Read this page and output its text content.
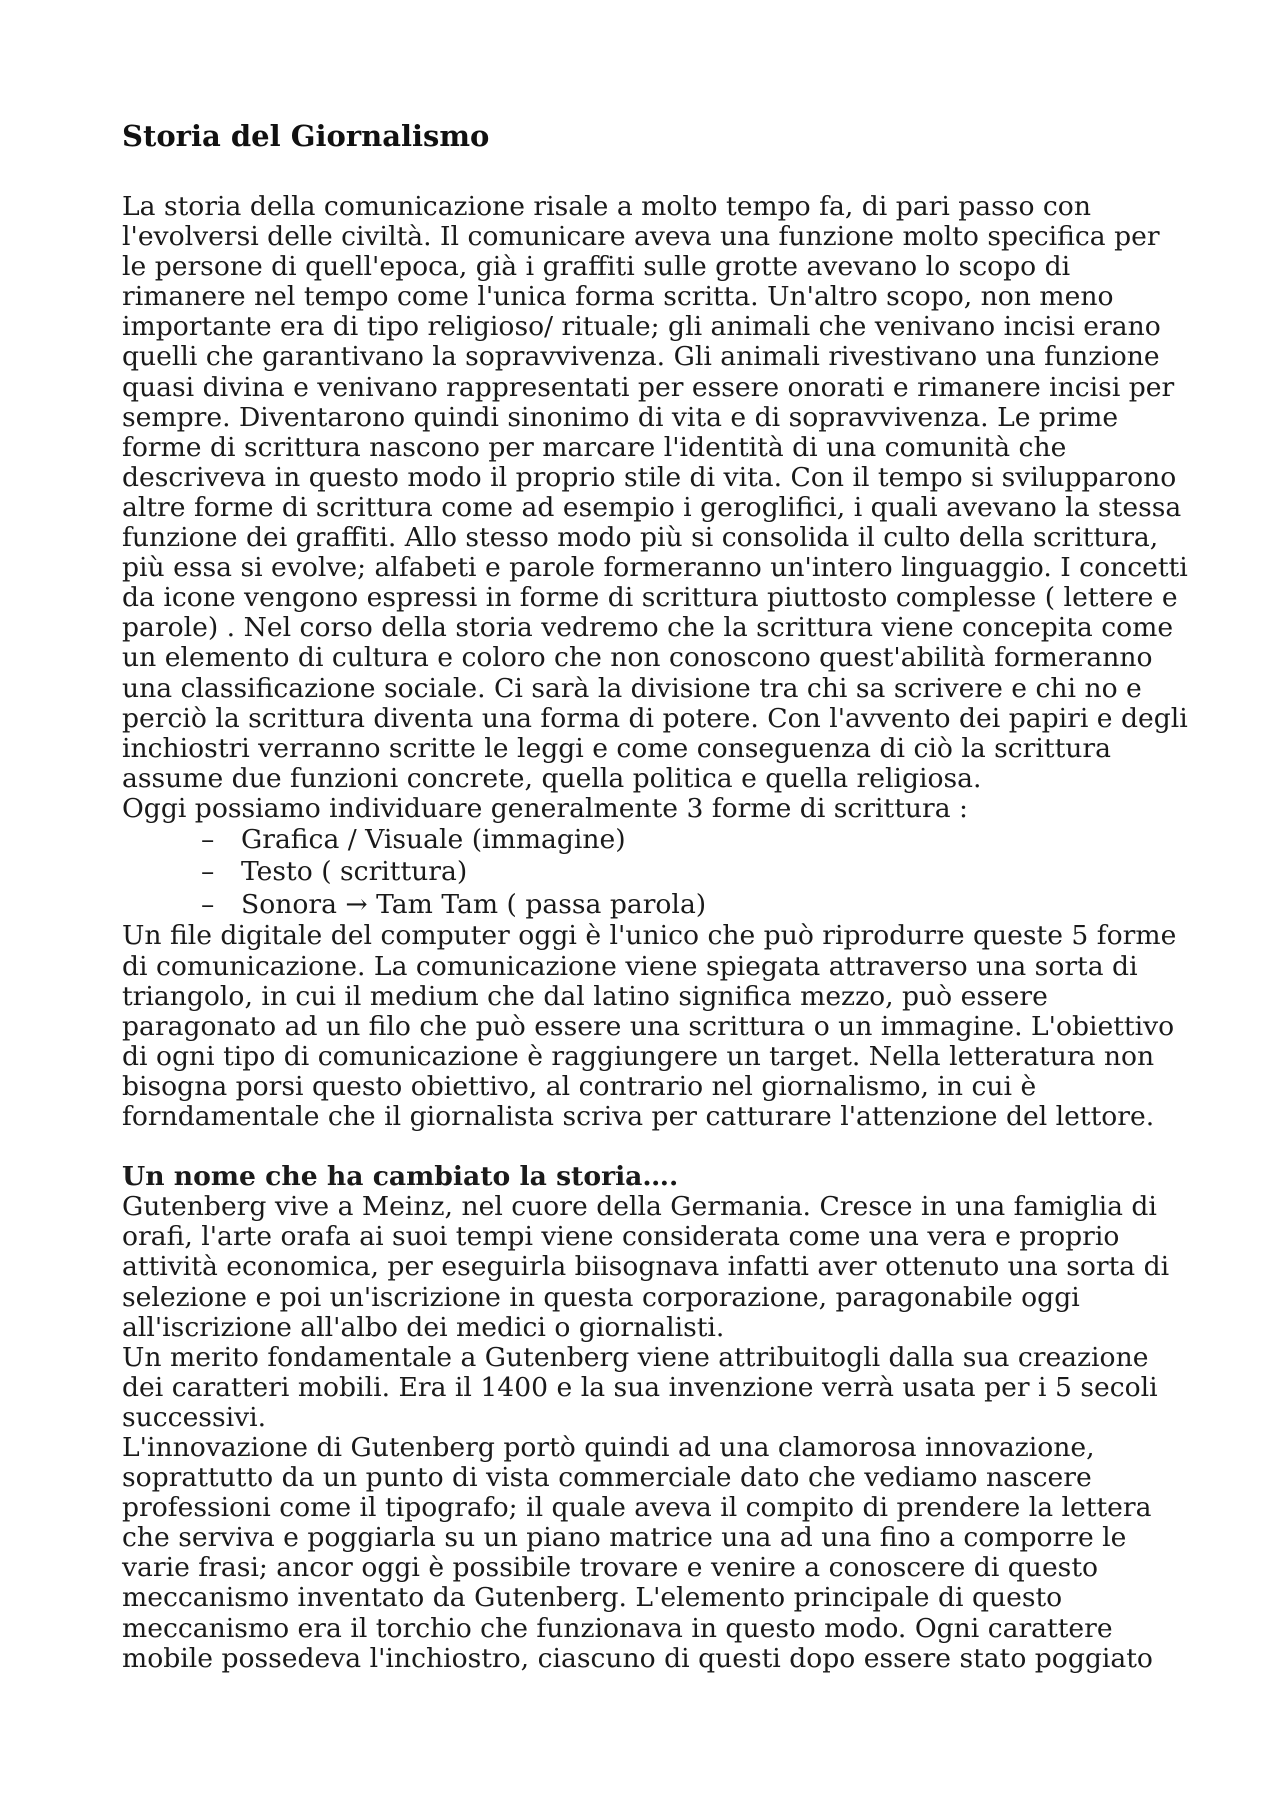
Storia del Giornalismo

La storia della comunicazione risale a molto tempo fa, di pari passo con
l'evolversi delle civiltà. Il comunicare aveva una funzione molto specifica per
le persone di quell'epoca, già i graffiti sulle grotte avevano lo scopo di
rimanere nel tempo come l'unica forma scritta. Un'altro scopo, non meno
importante era di tipo religioso/ rituale; gli animali che venivano incisi erano
quelli che garantivano la sopravvivenza. Gli animali rivestivano una funzione
quasi divina e venivano rappresentati per essere onorati e rimanere incisi per
sempre. Diventarono quindi sinonimo di vita e di sopravvivenza. Le prime
forme di scrittura nascono per marcare l'identità di una comunità che
descriveva in questo modo il proprio stile di vita. Con il tempo si svilupparono
altre forme di scrittura come ad esempio i geroglifici, i quali avevano la stessa
funzione dei graffiti. Allo stesso modo più si consolida il culto della scrittura,
più essa si evolve; alfabeti e parole formeranno un'intero linguaggio. I concetti
da icone vengono espressi in forme di scrittura piuttosto complesse ( lettere e
parole) . Nel corso della storia vedremo che la scrittura viene concepita come
un elemento di cultura e coloro che non conoscono quest'abilità formeranno
una classificazione sociale. Ci sarà la divisione tra chi sa scrivere e chi no e
perciò la scrittura diventa una forma di potere. Con l'avvento dei papiri e degli
inchiostri verranno scritte le leggi e come conseguenza di ciò la scrittura
assume due funzioni concrete, quella politica e quella religiosa.
Oggi possiamo individuare generalmente 3 forme di scrittura :

– Grafica / Visuale (immagine)
– Testo ( scrittura)
– Sonora → Tam Tam ( passa parola)

Un file digitale del computer oggi è l'unico che può riprodurre queste 5 forme
di comunicazione. La comunicazione viene spiegata attraverso una sorta di
triangolo, in cui il medium che dal latino significa mezzo, può essere
paragonato ad un filo che può essere una scrittura o un immagine. L'obiettivo
di ogni tipo di comunicazione è raggiungere un target. Nella letteratura non
bisogna porsi questo obiettivo, al contrario nel giornalismo, in cui è
forndamentale che il giornalista scriva per catturare l'attenzione del lettore.

Un nome che ha cambiato la storia….

Gutenberg vive a Meinz, nel cuore della Germania. Cresce in una famiglia di
orafi, l'arte orafa ai suoi tempi viene considerata come una vera e proprio
attività economica, per eseguirla biisognava infatti aver ottenuto una sorta di
selezione e poi un'iscrizione in questa corporazione, paragonabile oggi
all'iscrizione all'albo dei medici o giornalisti.
Un merito fondamentale a Gutenberg viene attribuitogli dalla sua creazione
dei caratteri mobili. Era il 1400 e la sua invenzione verrà usata per i 5 secoli
successivi.
L'innovazione di Gutenberg portò quindi ad una clamorosa innovazione,
soprattutto da un punto di vista commerciale dato che vediamo nascere
professioni come il tipografo; il quale aveva il compito di prendere la lettera
che serviva e poggiarla su un piano matrice una ad una fino a comporre le
varie frasi; ancor oggi è possibile trovare e venire a conoscere di questo
meccanismo inventato da Gutenberg. L'elemento principale di questo
meccanismo era il torchio che funzionava in questo modo. Ogni carattere
mobile possedeva l'inchiostro, ciascuno di questi dopo essere stato poggiato
